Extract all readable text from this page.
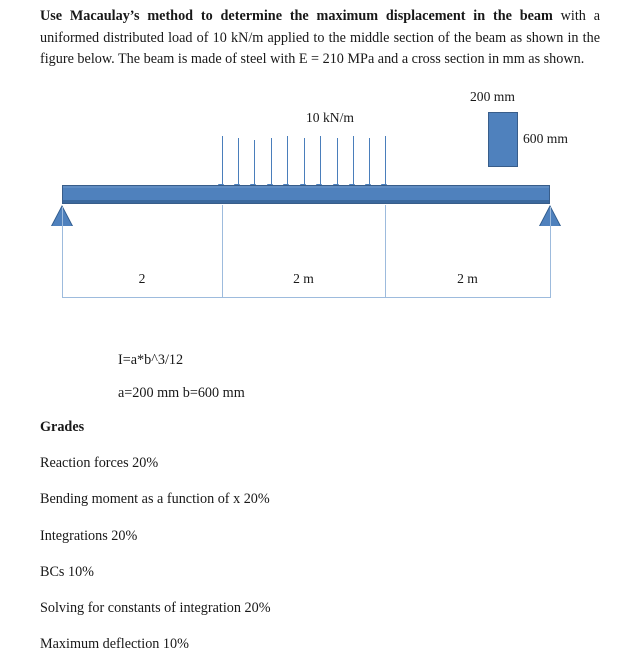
Use Macaulay’s method to determine the maximum displacement in the beam with a uniformed distributed load of 10 kN/m applied to the middle section of the beam as shown in the figure below. The beam is made of steel with E = 210 MPa and a cross section in mm as shown.
10 kN/m
2	2 m	2 m
200 mm
600 mm
I=a*b^3/12
a=200 mm b=600 mm
Grades
Reaction forces 20%
Bending moment as a function of x 20%
Integrations 20%
BCs 10%
Solving for constants of integration 20%
Maximum deflection 10%
